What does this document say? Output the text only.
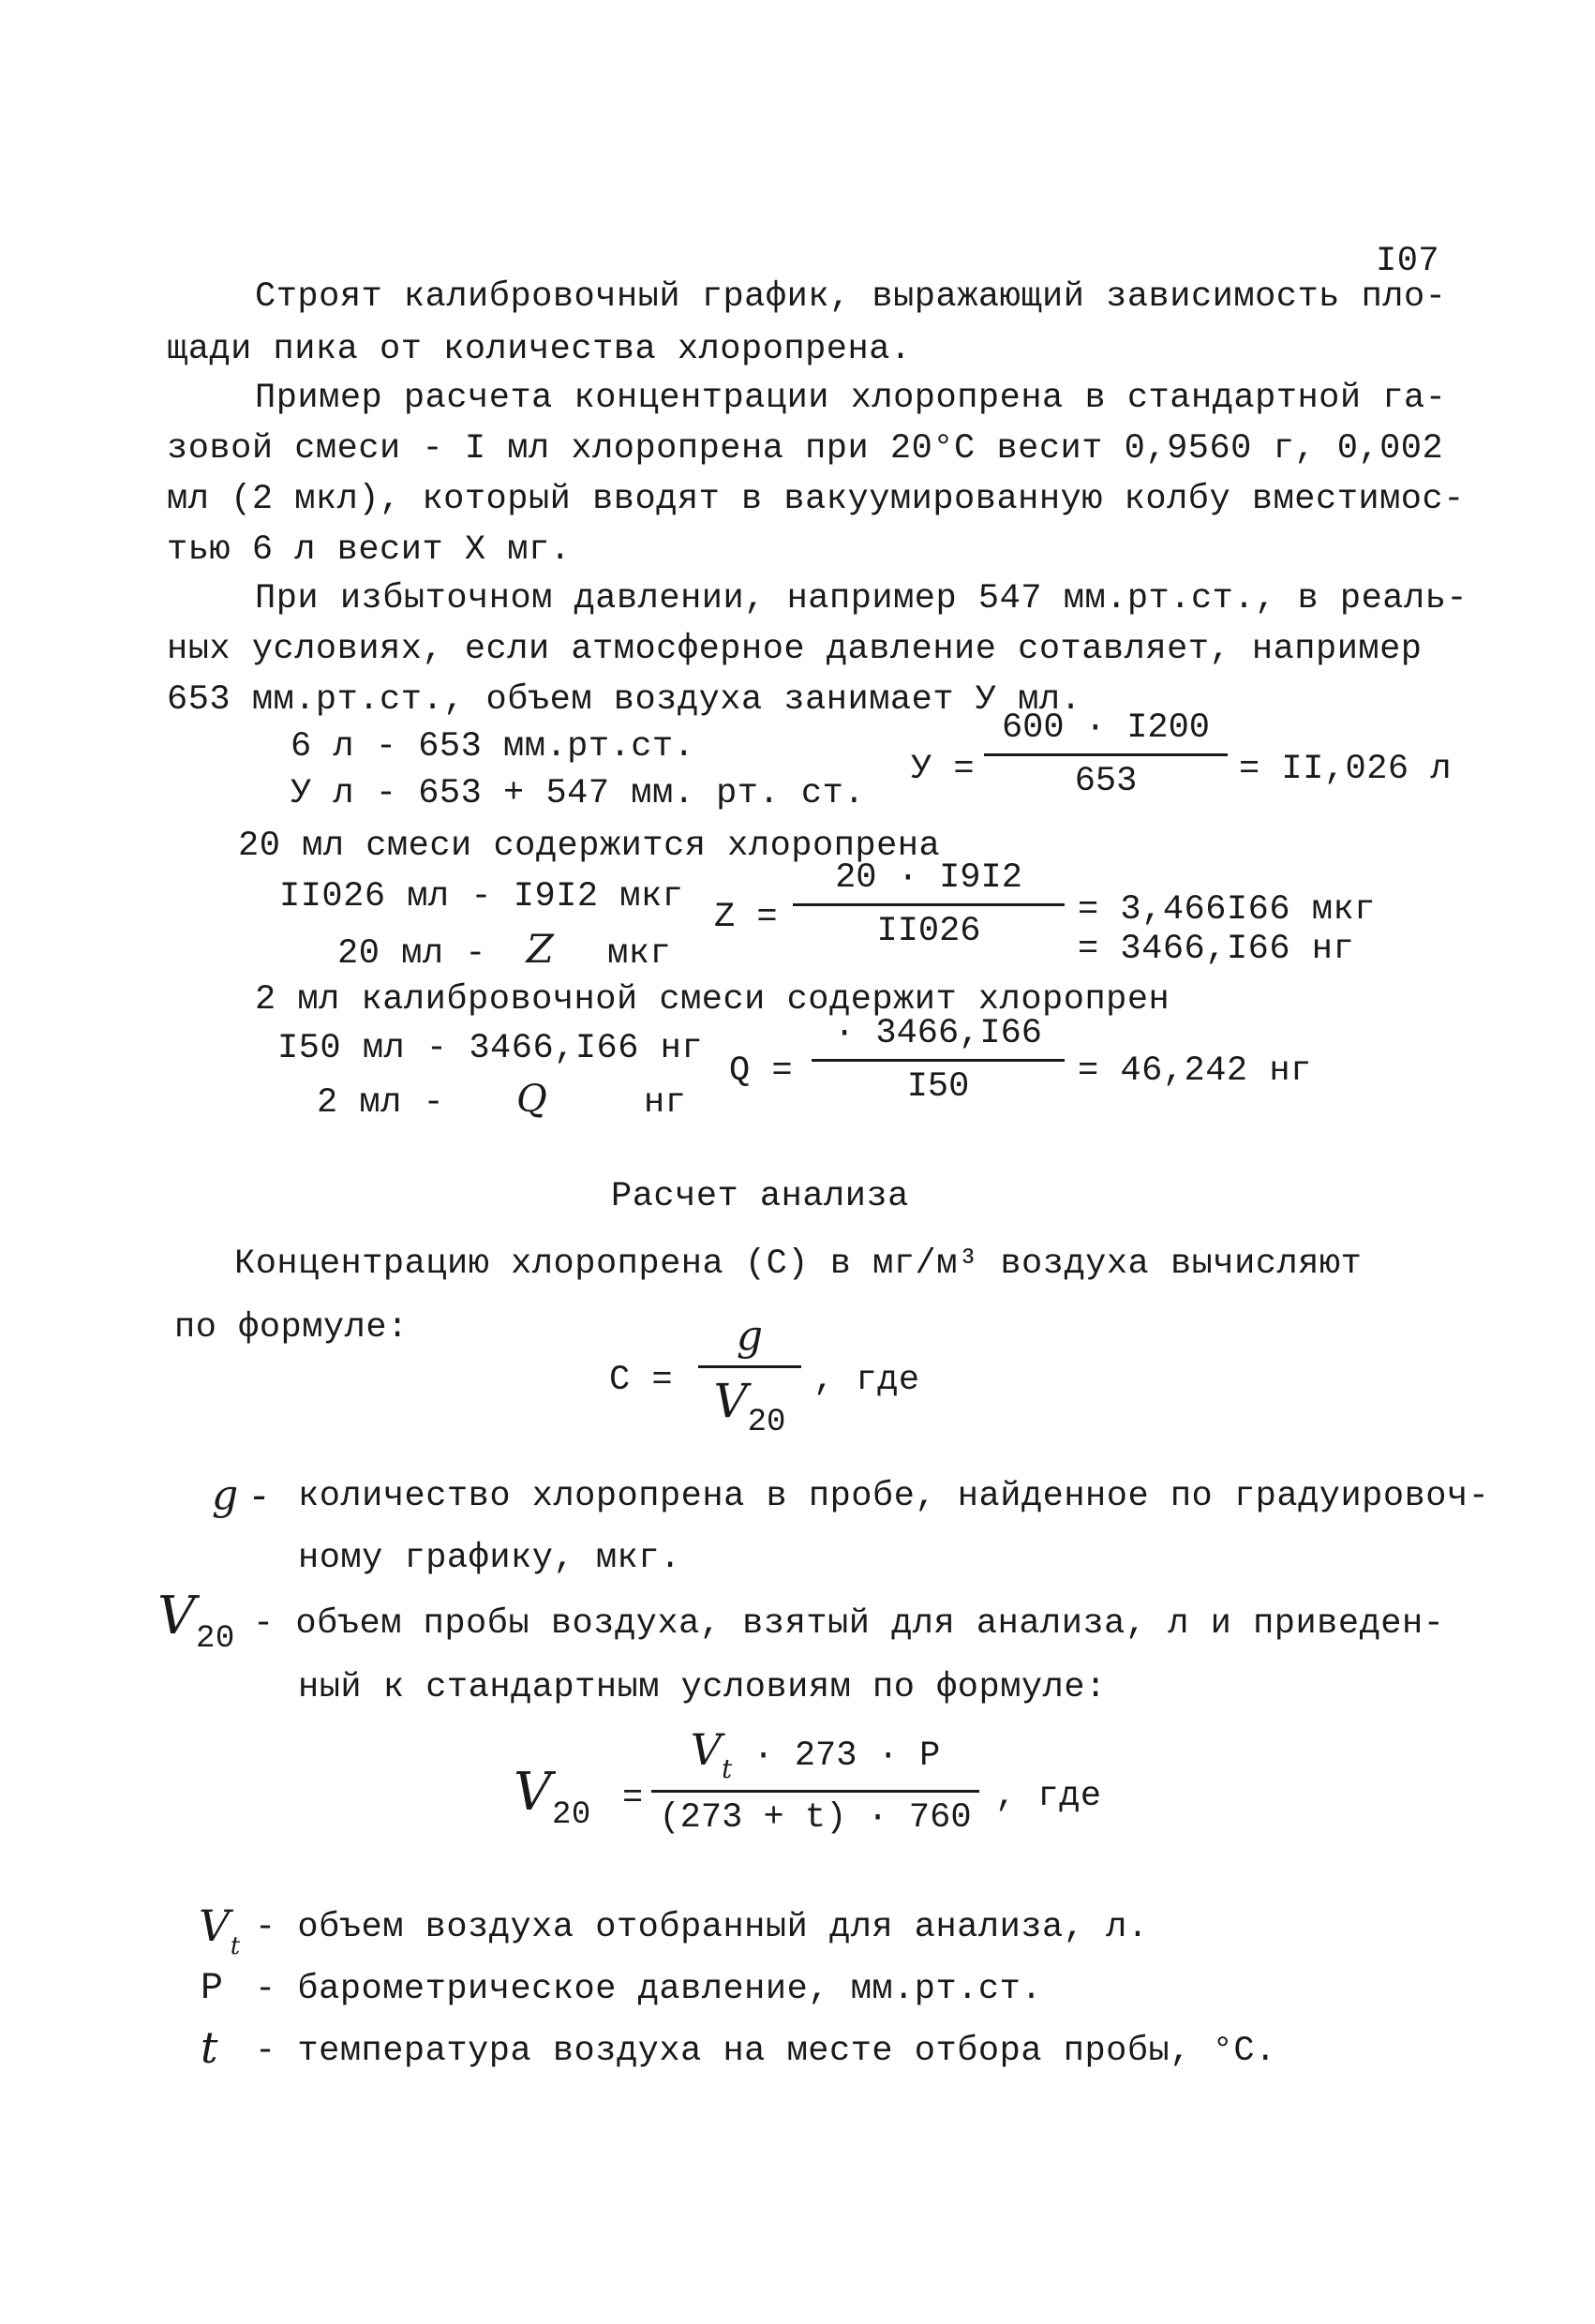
I07
Строят калибровочный график, выражающий зависимость пло-
щади пика от количества хлоропрена.
Пример расчета концентрации хлоропрена в стандартной га-
зовой смеси - I мл хлоропрена при 20°С весит 0,9560 г, 0,002
мл (2 мкл), который вводят в вакуумированную колбу вместимос-
тью 6 л весит Х мг.
При избыточном давлении, например 547 мм.рт.ст., в реаль-
ных условиях, если атмосферное давление сотавляет, например
653 мм.рт.ст., объем воздуха занимает У мл.
6 л - 653 мм.рт.ст.
У л - 653 + 547 мм. рт. ст.
У =
600 · I200
653	= II,026 л
20 мл смеси содержится хлоропрена
II026 мл - I9I2 мкг
20 мл - Z мкг
Z =
20 · I9I2
II026
= 3,466I66 мкг
= 3466,I66 нг
2 мл калибровочной смеси содержит хлоропрен
I50 мл - 3466,I66 нг
2 мл - Q	нг
Q =
· 3466,I66
I50	= 46,242 нг
Расчет анализа
Концентрацию хлоропрена (С) в мг/м³ воздуха вычисляют
по формуле:
С =
g
V20
, где
g - количество хлоропрена в пробе, найденное по градуировоч-
ному графику, мкг.
V20 - объем пробы воздуха, взятый для анализа, л и приведен-
ный к стандартным условиям по формуле:
V20 =
$V_t \cdot 273 \cdot P$
(273 + t) · 760
, где
$V_t$ - объем воздуха отобранный для анализа, л.
Р - барометрическое давление, мм.рт.ст.
t - температура воздуха на месте отбора пробы, °С.
